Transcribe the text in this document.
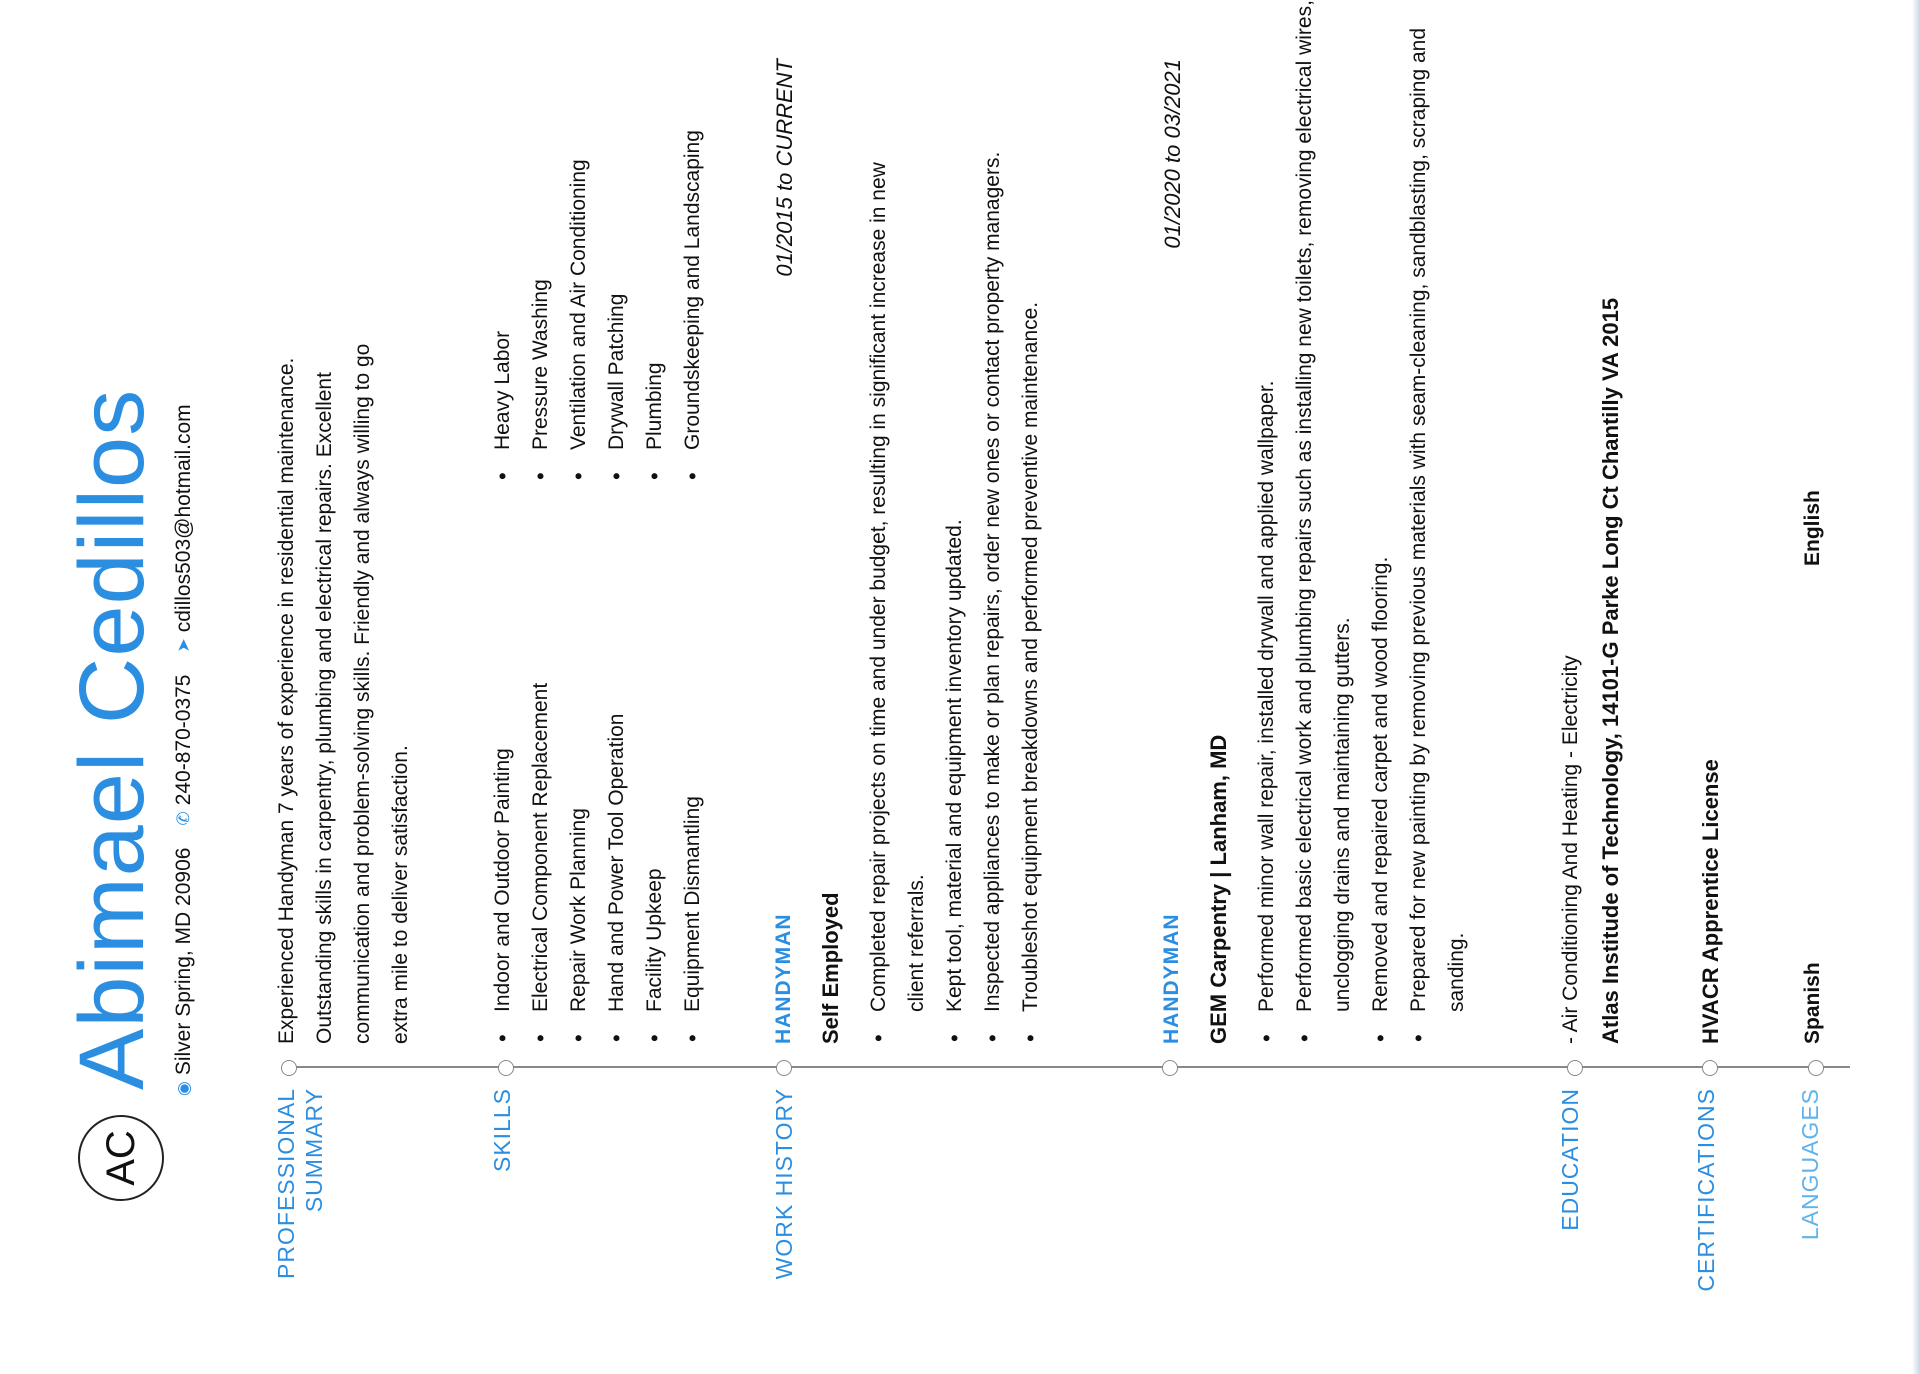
AC
Abimael Cedillos ◉
Silver Spring, MD 20906
✆
240-870-0375
➤
cdillos503@hotmail.com
PROFESSIONAL SUMMARY
Experienced Handyman 7 years of experience in residential maintenance. Outstanding skills in carpentry, plumbing and electrical repairs. Excellent communication and problem-solving skills. Friendly and always willing to go extra mile to deliver satisfaction.
SKILLS
• Indoor and Outdoor Painting • Electrical Component Replacement • Repair Work Planning • Hand and Power Tool Operation • Facility Upkeep • Equipment Dismantling
• Heavy Labor • Pressure Washing • Ventilation and Air Conditioning • Drywall Patching • Plumbing • Groundskeeping and Landscaping
WORK HISTORY
HANDYMAN
01/2015 to CURRENT
Self Employed	• Completed repair projects on time and under budget, resulting in significant increase in new client referrals. • Kept tool, material and equipment inventory updated. • Inspected appliances to make or plan repairs, order new ones or contact property managers. • Troubleshot equipment breakdowns and performed preventive maintenance.	HANDYMAN
01/2020 to 03/2021
GEM Carpentry | Lanham, MD	• Performed minor wall repair, installed drywall and applied wallpaper. • Performed basic electrical work and plumbing repairs such as installing new toilets, removing electrical wires, unclogging drains and maintaining gutters. • Removed and repaired carpet and wood flooring. • Prepared for new painting by removing previous materials with seam-cleaning, sandblasting, scraping and sanding.
EDUCATION
- Air Conditioning And Heating - Electricity Atlas Institude of Technology, 14101-G Parke Long Ct Chantilly VA 2015
CERTIFICATIONS
HVACR Apprentice License
LANGUAGES
Spanish
English
